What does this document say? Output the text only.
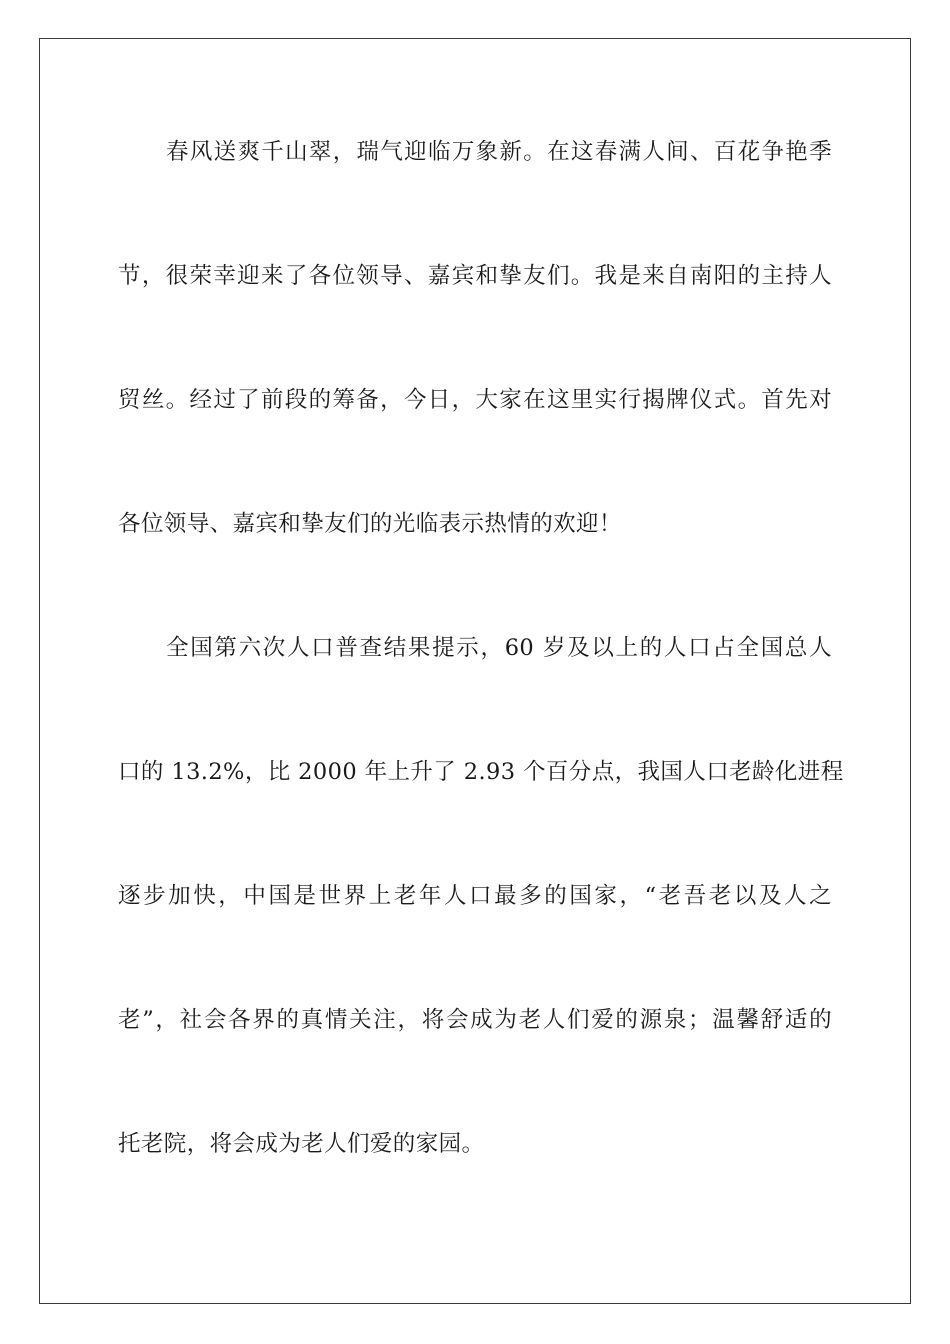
春风送爽千山翠，瑞气迎临万象新。在这春满人间、百花争艳季
节，很荣幸迎来了各位领导、嘉宾和挚友们。我是来自南阳的主持人
贸丝。经过了前段的筹备，今日，大家在这里实行揭牌仪式。首先对
各位领导、嘉宾和挚友们的光临表示热情的欢迎！
全国第六次人口普查结果提示，60 岁及以上的人口占全国总人
口的 13.2%，比 2000 年上升了 2.93 个百分点，我国人口老龄化进程
逐步加快，中国是世界上老年人口最多的国家，“老吾老以及人之
老”，社会各界的真情关注，将会成为老人们爱的源泉；温馨舒适的
托老院，将会成为老人们爱的家园。
